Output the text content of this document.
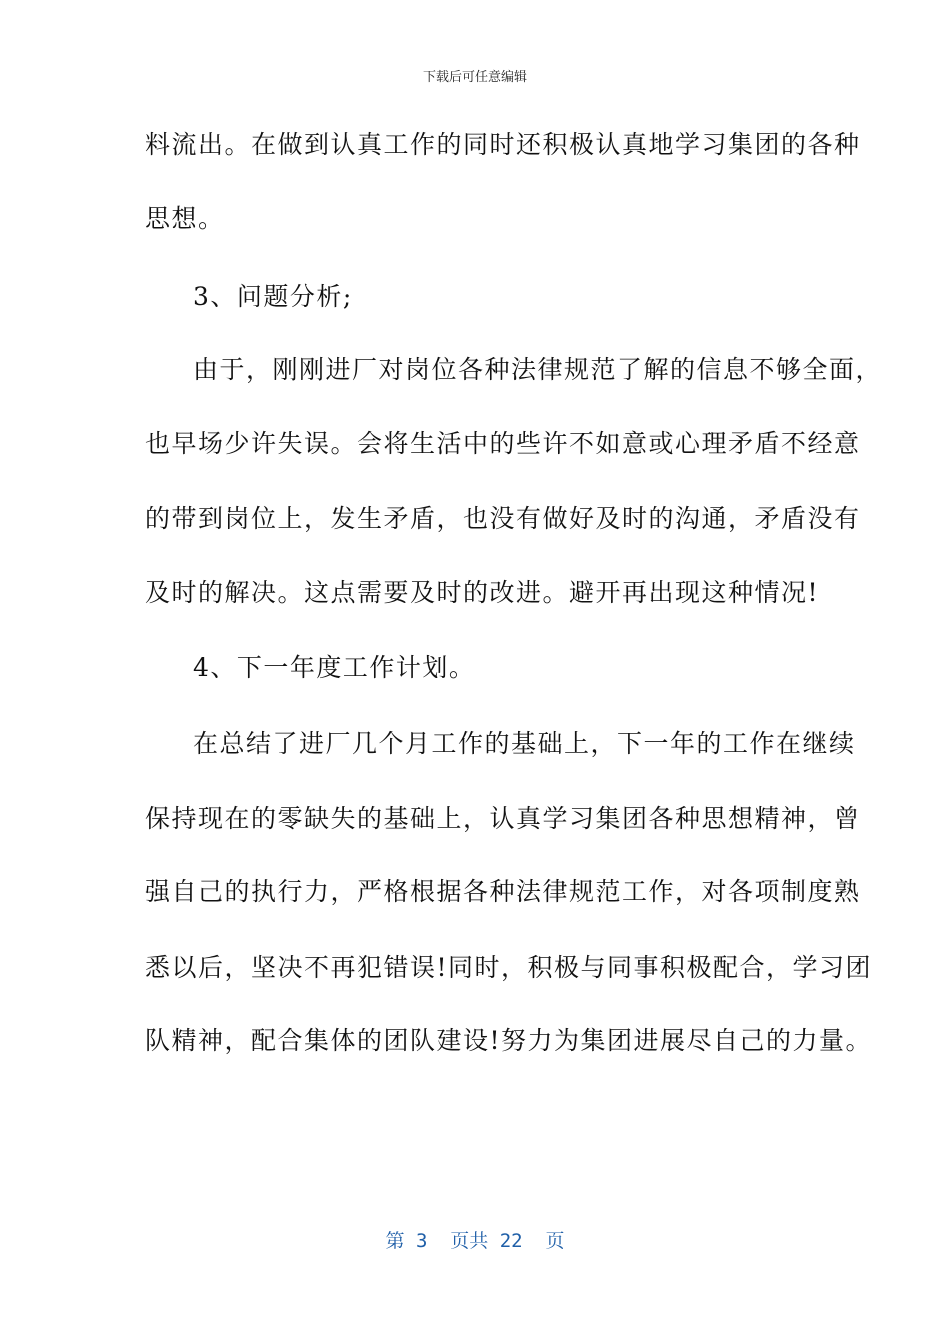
下载后可任意编辑
料流出。在做到认真工作的同时还积极认真地学习集团的各种
思想。
3、问题分析;
由于，刚刚进厂对岗位各种法律规范了解的信息不够全面，
也早场少许失误。会将生活中的些许不如意或心理矛盾不经意
的带到岗位上，发生矛盾，也没有做好及时的沟通，矛盾没有
及时的解决。这点需要及时的改进。避开再出现这种情况!
4、下一年度工作计划。
在总结了进厂几个月工作的基础上，下一年的工作在继续
保持现在的零缺失的基础上，认真学习集团各种思想精神，曾
强自己的执行力，严格根据各种法律规范工作，对各项制度熟
悉以后，坚决不再犯错误!同时，积极与同事积极配合，学习团
队精神，配合集体的团队建设!努力为集团进展尽自己的力量。
第 3  页共 22  页
